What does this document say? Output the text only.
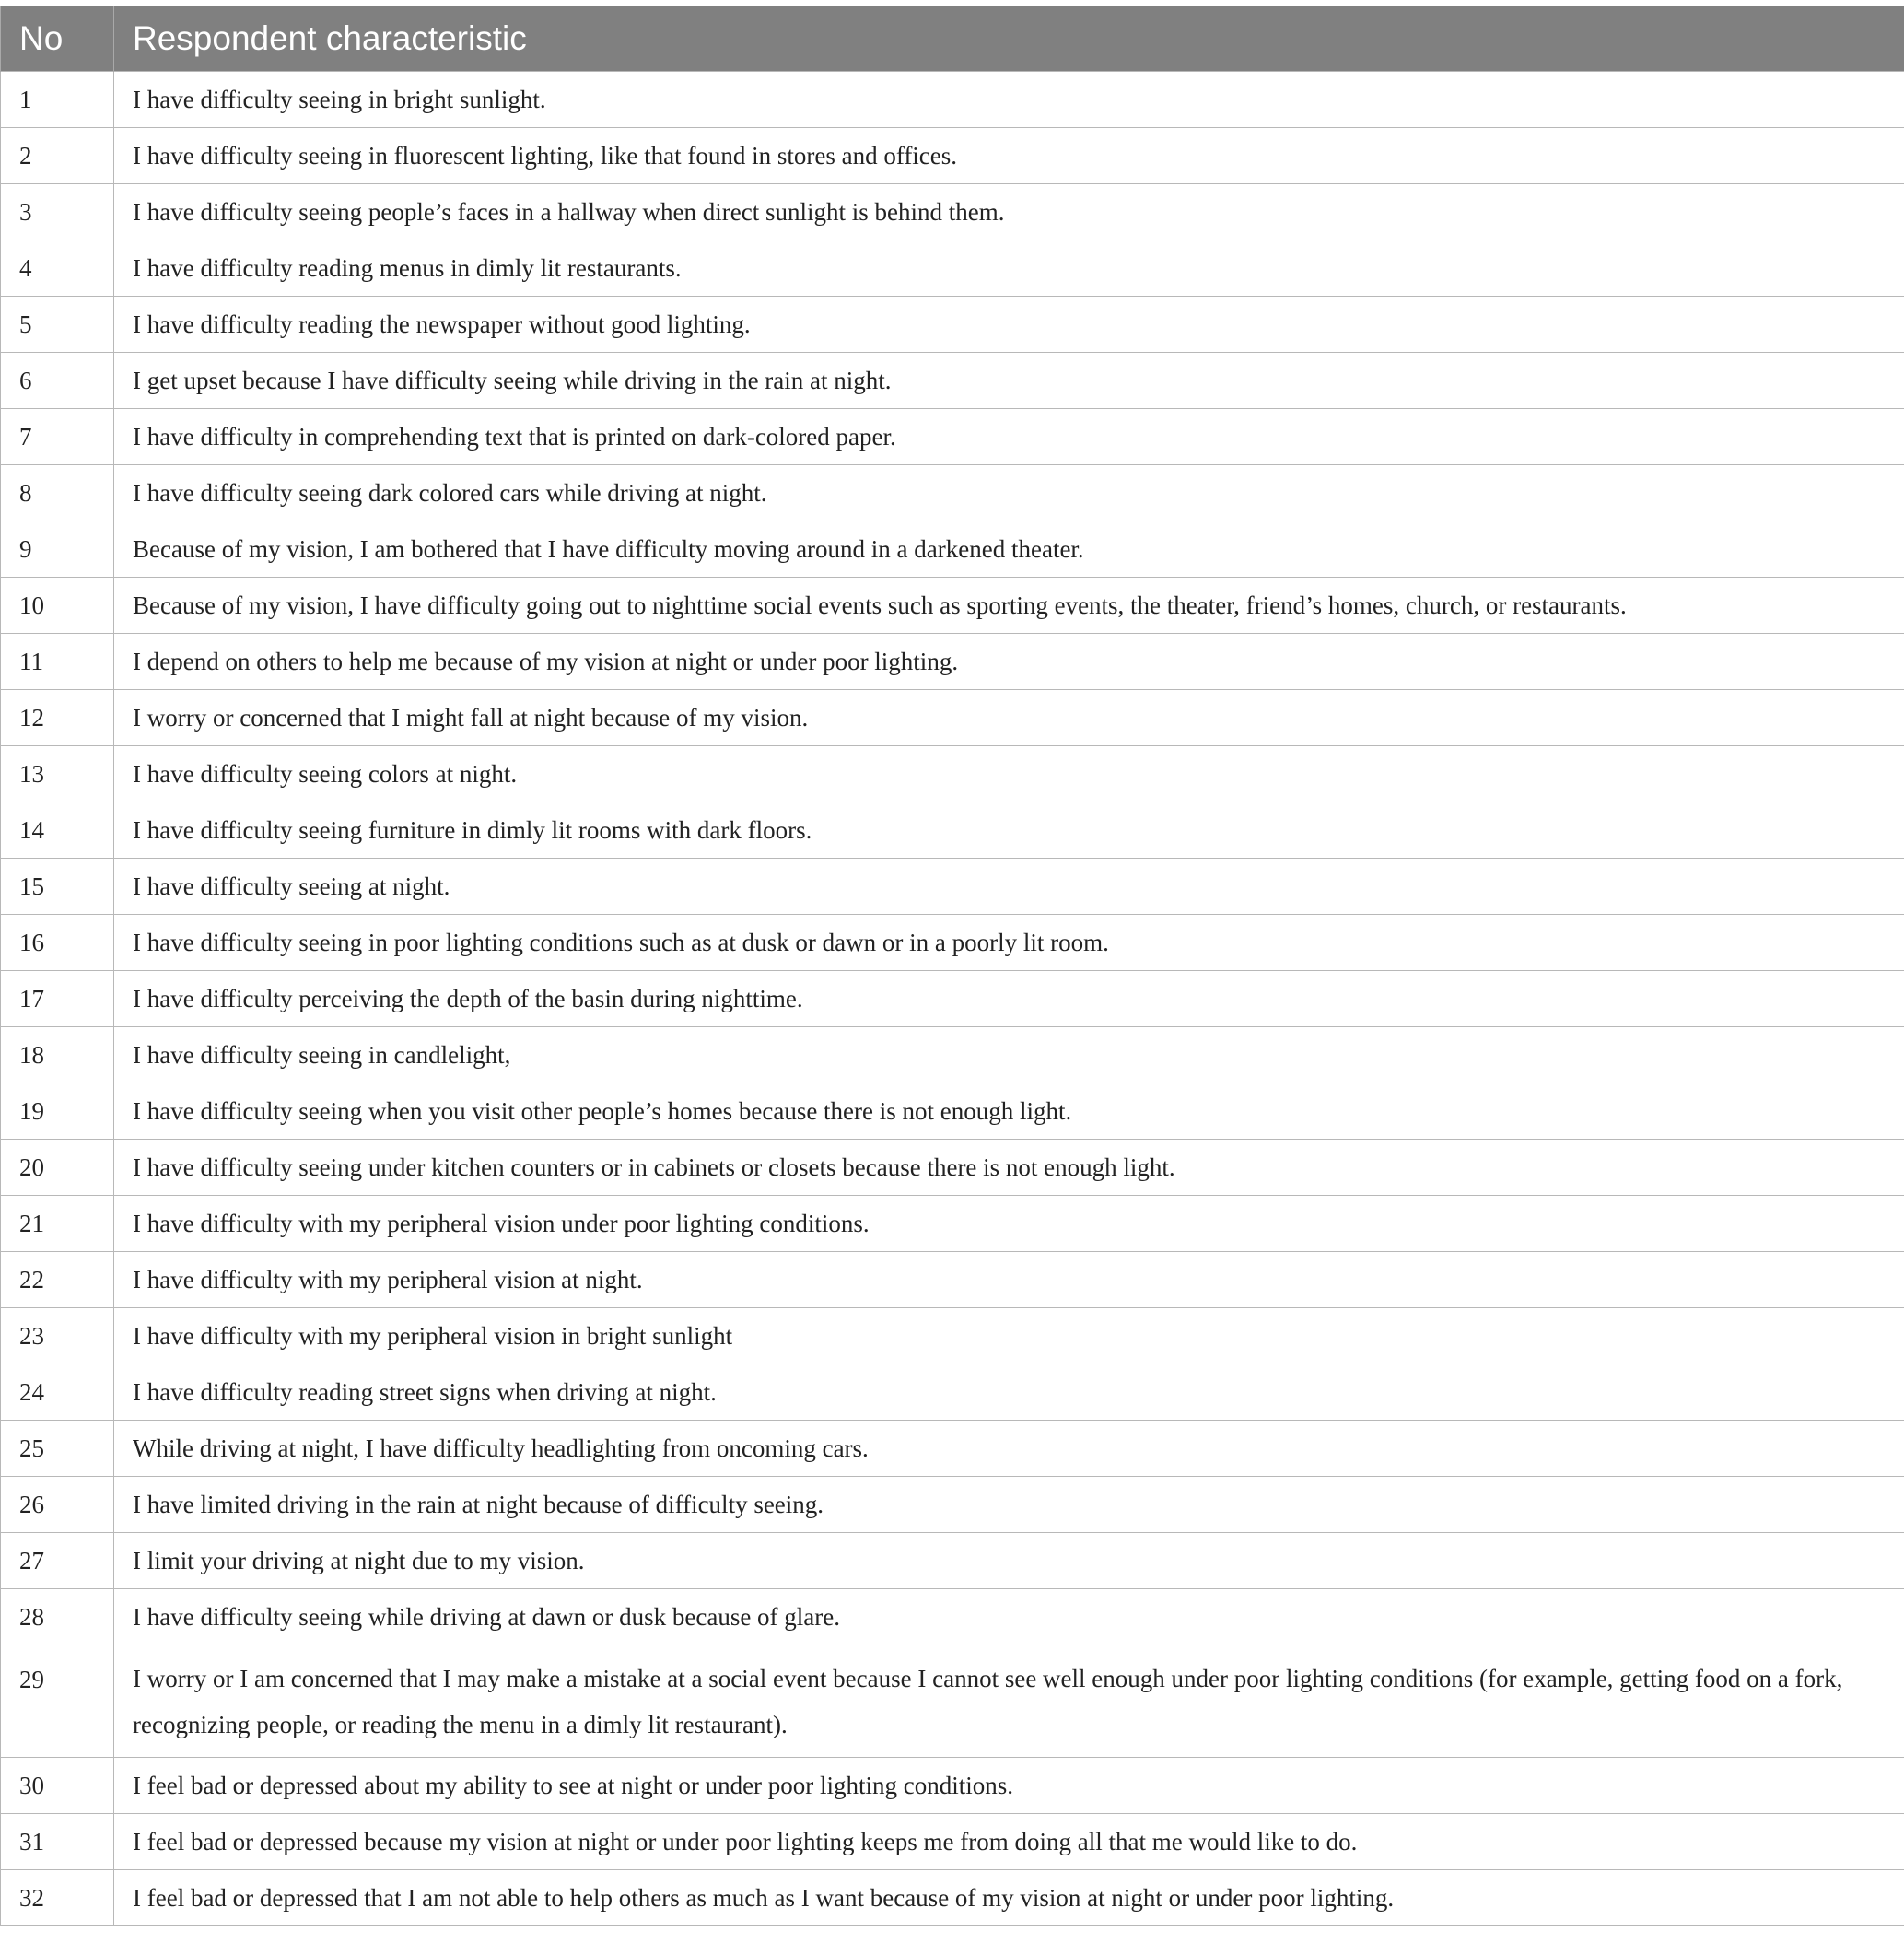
No	Respondent characteristic
1	I have difficulty seeing in bright sunlight.
2	I have difficulty seeing in fluorescent lighting, like that found in stores and offices.
3	I have difficulty seeing people’s faces in a hallway when direct sunlight is behind them.
4	I have difficulty reading menus in dimly lit restaurants.
5	I have difficulty reading the newspaper without good lighting.
6	I get upset because I have difficulty seeing while driving in the rain at night.
7	I have difficulty in comprehending text that is printed on dark-colored paper.
8	I have difficulty seeing dark colored cars while driving at night.
9	Because of my vision, I am bothered that I have difficulty moving around in a darkened theater.
10	Because of my vision, I have difficulty going out to nighttime social events such as sporting events, the theater, friend’s homes, church, or restaurants.
11	I depend on others to help me because of my vision at night or under poor lighting.
12	I worry or concerned that I might fall at night because of my vision.
13	I have difficulty seeing colors at night.
14	I have difficulty seeing furniture in dimly lit rooms with dark floors.
15	I have difficulty seeing at night.
16	I have difficulty seeing in poor lighting conditions such as at dusk or dawn or in a poorly lit room.
17	I have difficulty perceiving the depth of the basin during nighttime.
18	I have difficulty seeing in candlelight,
19	I have difficulty seeing when you visit other people’s homes because there is not enough light.
20	I have difficulty seeing under kitchen counters or in cabinets or closets because there is not enough light.
21	I have difficulty with my peripheral vision under poor lighting conditions.
22	I have difficulty with my peripheral vision at night.
23	I have difficulty with my peripheral vision in bright sunlight
24	I have difficulty reading street signs when driving at night.
25	While driving at night, I have difficulty headlighting from oncoming cars.
26	I have limited driving in the rain at night because of difficulty seeing.
27	I limit your driving at night due to my vision.
28	I have difficulty seeing while driving at dawn or dusk because of glare.
29	I worry or I am concerned that I may make a mistake at a social event because I cannot see well enough under poor lighting conditions (for example, getting food on a fork, recognizing people, or reading the menu in a dimly lit restaurant).
30	I feel bad or depressed about my ability to see at night or under poor lighting conditions.
31	I feel bad or depressed because my vision at night or under poor lighting keeps me from doing all that me would like to do.
32	I feel bad or depressed that I am not able to help others as much as I want because of my vision at night or under poor lighting.
